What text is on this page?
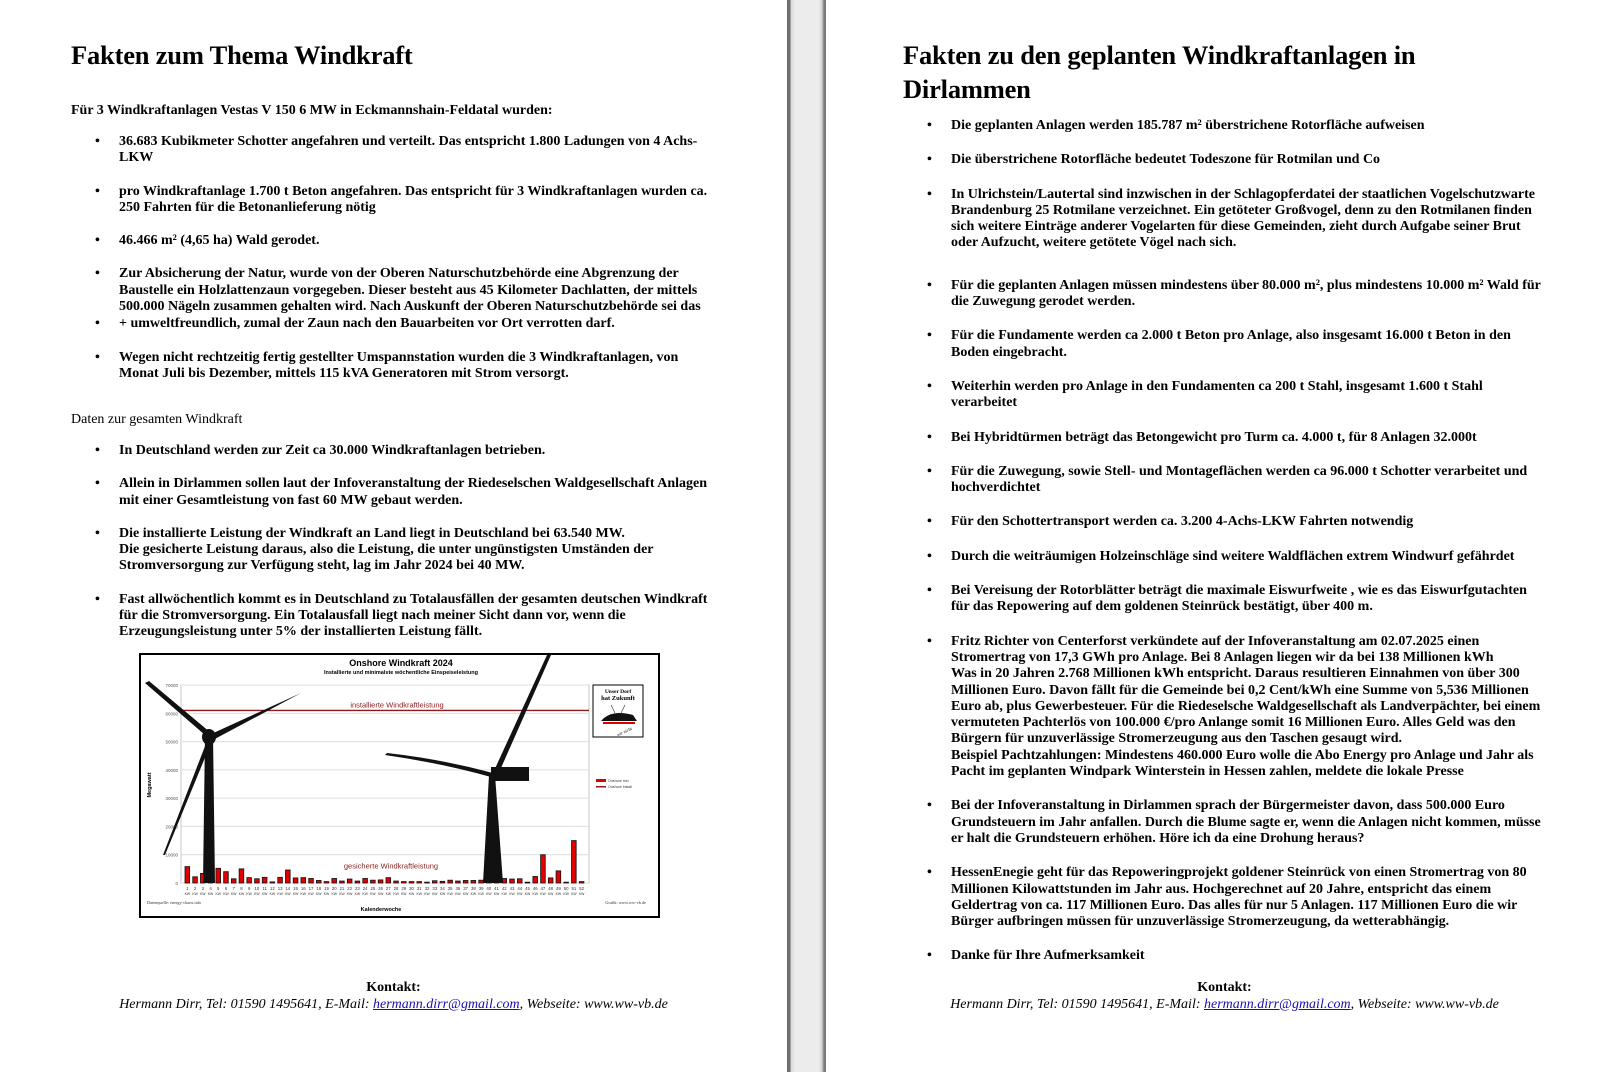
Fakten zum Thema Windkraft
Für 3 Windkraftanlagen Vestas V 150 6 MW in Eckmannshain-Feldatal wurden:
• 36.683 Kubikmeter Schotter angefahren und verteilt. Das entspricht 1.800 Ladungen von 4 Achs-
LKW
• pro Windkraftanlage 1.700 t Beton angefahren. Das entspricht für 3 Windkraftanlagen wurden ca.
250 Fahrten für die Betonanlieferung nötig
• 46.466 m² (4,65 ha) Wald gerodet.
• Zur Absicherung der Natur, wurde von der Oberen Naturschutzbehörde eine Abgrenzung der
Baustelle ein Holzlattenzaun vorgegeben. Dieser besteht aus 45 Kilometer Dachlatten, der mittels
500.000 Nägeln zusammen gehalten wird. Nach Auskunft der Oberen Naturschutzbehörde sei das
• + umweltfreundlich, zumal der Zaun nach den Bauarbeiten vor Ort verrotten darf.
• Wegen nicht rechtzeitig fertig gestellter Umspannstation wurden die 3 Windkraftanlagen, von
Monat Juli bis Dezember, mittels 115 kVA Generatoren mit Strom versorgt.
Daten zur gesamten Windkraft
• In Deutschland werden zur Zeit ca 30.000 Windkraftanlagen betrieben.
• Allein in Dirlammen sollen laut der Infoveranstaltung der Riedeselschen Waldgesellschaft Anlagen
mit einer Gesamtleistung von fast 60 MW gebaut werden.
• Die installierte Leistung der Windkraft an Land liegt in Deutschland bei 63.540 MW.
Die gesicherte Leistung daraus, also die Leistung, die unter ungünstigsten Umständen der
Stromversorgung zur Verfügung steht, lag im Jahr 2024 bei 40 MW.
• Fast allwöchentlich kommt es in Deutschland zu Totalausfällen der gesamten deutschen Windkraft
für die Stromversorgung. Ein Totalausfall liegt nach meiner Sicht dann vor, wenn die
Erzeugungsleistung unter 5% der installierten Leistung fällt.
0
10000
20000
30000
40000
50000
60000
70000
1
KW
2
KW
3
KW
4
KW
5
KW
6
KW
7
KW
8
KW
9
KW
10
KW
11
KW
12
KW
13
KW
14
KW
15
KW
16
KW
17
KW
18
KW
19
KW
20
KW
21
KW
22
KW
23
KW
24
KW
25
KW
26
KW
27
KW
28
KW
29
KW
30
KW
31
KW
32
KW
33
KW
34
KW
35
KW
36
KW
37
KW
38
KW
39
KW
40
KW
41
KW
42
KW
43
KW
44
KW
45
KW
46
KW
47
KW
48
KW
49
KW
50
KW
51
KW
52
KW
Onshore Windkraft 2024
Installierte und minimalste wöchentliche Einspeiseleistung
installierte Windkraftleistung
gesicherte Windkraftleistung
Megawatt
Kalenderwoche
Datenquelle: energy-charts.info	Grafik: www.ww-vb.de
Unser Dorf
hat Zukunft
wir nicht
Onshore min
Onshore install
Kontakt:
Hermann Dirr, Tel: 01590 1495641, E-Mail: hermann.dirr@gmail.com, Webseite: www.ww-vb.de
Fakten zu den geplanten Windkraftanlagen in
Dirlammen
• Die geplanten Anlagen werden 185.787 m² überstrichene Rotorfläche aufweisen
• Die überstrichene Rotorfläche bedeutet Todeszone für Rotmilan und Co
• In Ulrichstein/Lautertal sind inzwischen in der Schlagopferdatei der staatlichen Vogelschutzwarte
Brandenburg 25 Rotmilane verzeichnet. Ein getöteter Großvogel, denn zu den Rotmilanen finden
sich weitere Einträge anderer Vogelarten für diese Gemeinden, zieht durch Aufgabe seiner Brut
oder Aufzucht, weitere getötete Vögel nach sich.
• Für die geplanten Anlagen müssen mindestens über 80.000 m², plus mindestens 10.000 m² Wald für
die Zuwegung gerodet werden.
• Für die Fundamente werden ca 2.000 t Beton pro Anlage, also insgesamt 16.000 t Beton in den
Boden eingebracht.
• Weiterhin werden pro Anlage in den Fundamenten ca 200 t Stahl, insgesamt 1.600 t Stahl
verarbeitet
• Bei Hybridtürmen beträgt das Betongewicht pro Turm ca. 4.000 t, für 8 Anlagen 32.000t
• Für die Zuwegung, sowie Stell- und Montageflächen werden ca 96.000 t Schotter verarbeitet und
hochverdichtet
• Für den Schottertransport werden ca. 3.200 4-Achs-LKW Fahrten notwendig
• Durch die weiträumigen Holzeinschläge sind weitere Waldflächen extrem Windwurf gefährdet
• Bei Vereisung der Rotorblätter beträgt die maximale Eiswurfweite , wie es das Eiswurfgutachten
für das Repowering auf dem goldenen Steinrück bestätigt, über 400 m.
• Fritz Richter von Centerforst verkündete auf der Infoveranstaltung am 02.07.2025 einen
Stromertrag von 17,3 GWh pro Anlage. Bei 8 Anlagen liegen wir da bei 138 Millionen kWh
Was in 20 Jahren 2.768 Millionen kWh entspricht. Daraus resultieren Einnahmen von über 300
Millionen Euro. Davon fällt für die Gemeinde bei 0,2 Cent/kWh eine Summe von 5,536 Millionen
Euro ab, plus Gewerbesteuer. Für die Riedeselsche Waldgesellschaft als Landverpächter, bei einem
vermuteten Pachterlös von 100.000 €/pro Anlange somit 16 Millionen Euro. Alles Geld was den
Bürgern für unzuverlässige Stromerzeugung aus den Taschen gesaugt wird.
Beispiel Pachtzahlungen: Mindestens 460.000 Euro wolle die Abo Energy pro Anlage und Jahr als
Pacht im geplanten Windpark Winterstein in Hessen zahlen, meldete die lokale Presse
• Bei der Infoveranstaltung in Dirlammen sprach der Bürgermeister davon, dass 500.000 Euro
Grundsteuern im Jahr anfallen. Durch die Blume sagte er, wenn die Anlagen nicht kommen, müsse
er halt die Grundsteuern erhöhen. Höre ich da eine Drohung heraus?
• HessenEnegie geht für das Repoweringprojekt goldener Steinrück von einen Stromertrag von 80
Millionen Kilowattstunden im Jahr aus. Hochgerechnet auf 20 Jahre, entspricht das einem
Geldertrag von ca. 117 Millionen Euro. Das alles für nur 5 Anlagen. 117 Millionen Euro die wir
Bürger aufbringen müssen für unzuverlässige Stromerzeugung, da wetterabhängig.
• Danke für Ihre Aufmerksamkeit
Kontakt:
Hermann Dirr, Tel: 01590 1495641, E-Mail: hermann.dirr@gmail.com, Webseite: www.ww-vb.de
